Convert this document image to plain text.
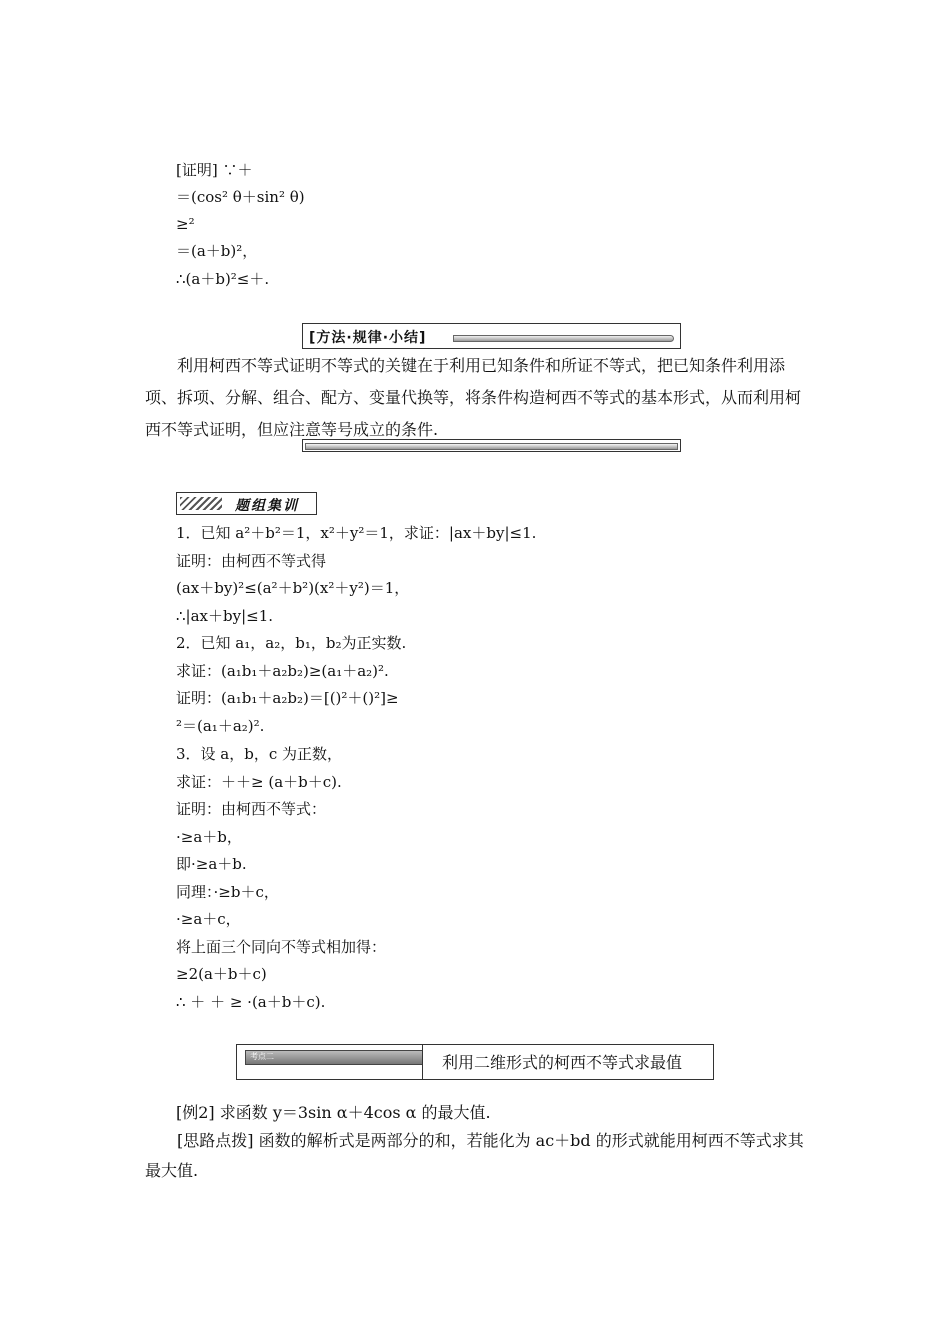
[证明] ∵＋
＝(cos² θ＋sin² θ)
≥²
＝(a＋b)²，
∴(a＋b)²≤＋.
[方法·规律·小结]
利用柯西不等式证明不等式的关键在于利用已知条件和所证不等式，把已知条件利用添项、拆项、分解、组合、配方、变量代换等，将条件构造柯西不等式的基本形式，从而利用柯西不等式证明，但应注意等号成立的条件.
题组集训
1．已知 a²＋b²＝1，x²＋y²＝1，求证：|ax＋by|≤1.
证明：由柯西不等式得
(ax＋by)²≤(a²＋b²)(x²＋y²)＝1，
∴|ax＋by|≤1.
2．已知 a₁，a₂，b₁，b₂为正实数.
求证：(a₁b₁＋a₂b₂)≥(a₁＋a₂)².
证明：(a₁b₁＋a₂b₂)＝[()²＋()²]≥
²＝(a₁＋a₂)².
3．设 a，b，c 为正数，
求证：＋＋≥ (a＋b＋c).
证明：由柯西不等式：
·≥a＋b，
即·≥a＋b.
同理：·≥b＋c，
·≥a＋c，
将上面三个同向不等式相加得：
≥2(a＋b＋c)
∴ ＋ ＋ ≥ ·(a＋b＋c).
考点二	利用二维形式的柯西不等式求最值
[例2] 求函数 y＝3sin α＋4cos α 的最大值.
[思路点拨] 函数的解析式是两部分的和，若能化为 ac＋bd 的形式就能用柯西不等式求其最大值.
